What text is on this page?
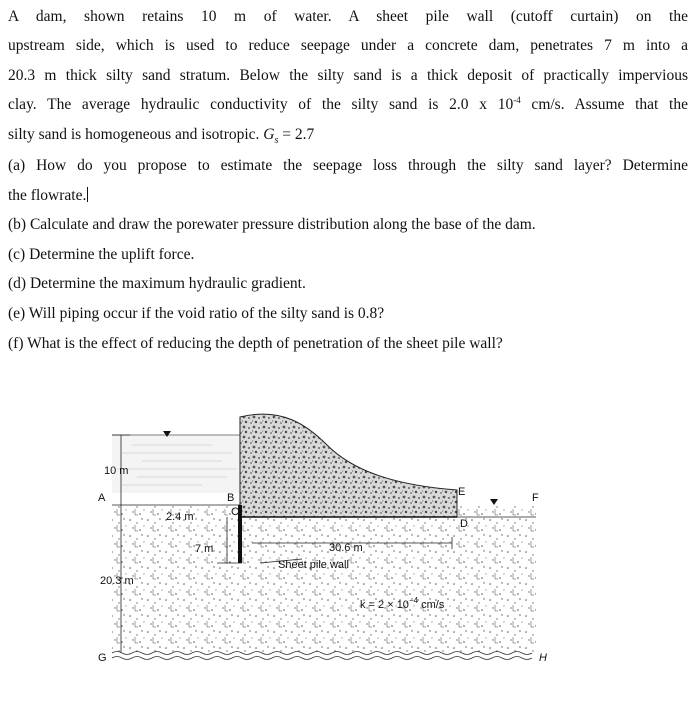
A dam, shown retains 10 m of water. A sheet pile wall (cutoff curtain) on the
upstream side, which is used to reduce seepage under a concrete dam, penetrates 7 m into a
20.3 m thick silty sand stratum. Below the silty sand is a thick deposit of practically impervious
clay. The average hydraulic conductivity of the silty sand is 2.0 x $10^{-4}$ cm/s. Assume that the
silty sand is homogeneous and isotropic. $G_s = 2.7$
(a) How do you propose to estimate the seepage loss through the silty sand layer? Determine
the flowrate.
(b) Calculate and draw the porewater pressure distribution along the base of the dam.
(c) Determine the uplift force.
(d) Determine the maximum hydraulic gradient.
(e) Will piping occur if the void ratio of the silty sand is 0.8?
(f) What is the effect of reducing the depth of penetration of the sheet pile wall?
10 m
A	B
C
D
E	F
G	H
2.4 m
7 m	30.6 m
Sheet pile wall
20.3 m
$k = 2 \times 10^{-4}$ cm/s
